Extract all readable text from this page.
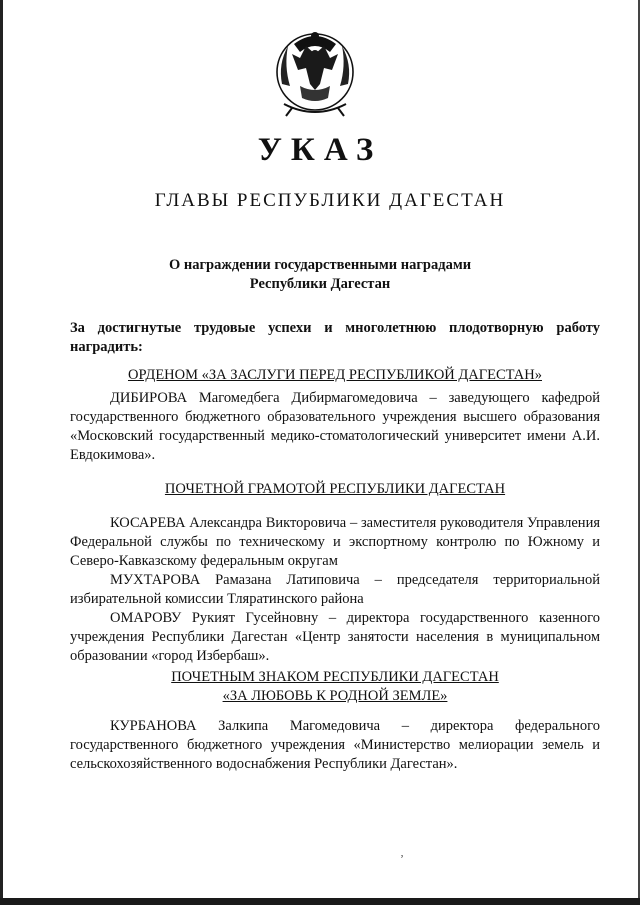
УКАЗ
ГЛАВЫ РЕСПУБЛИКИ ДАГЕСТАН
О награждении государственными наградами
Республики Дагестан
За достигнутые трудовые успехи и многолетнюю плодотворную работу наградить:
ОРДЕНОМ «ЗА ЗАСЛУГИ ПЕРЕД РЕСПУБЛИКОЙ ДАГЕСТАН»

ДИБИРОВА Магомедбега Дибирмагомедовича – заведующего кафедрой государственного бюджетного образовательного учреждения высшего образования «Московский государственный медико-стоматологический университет имени А.И. Евдокимова».

ПОЧЕТНОЙ ГРАМОТОЙ РЕСПУБЛИКИ ДАГЕСТАН

КОСАРЕВА Александра Викторовича – заместителя руководителя Управления Федеральной службы по техническому и экспортному контролю по Южному и Северо-Кавказскому федеральным округам

МУХТАРОВА Рамазана Латиповича – председателя территориальной избирательной комиссии Тляратинского района

ОМАРОВУ Рукият Гусейновну – директора государственного казенного учреждения Республики Дагестан «Центр занятости населения в муниципальном образовании «город Избербаш».

ПОЧЕТНЫМ ЗНАКОМ РЕСПУБЛИКИ ДАГЕСТАН
«ЗА ЛЮБОВЬ К РОДНОЙ ЗЕМЛЕ»

КУРБАНОВА Залкипа Магомедовича – директора федерального государственного бюджетного учреждения «Министерство мелиорации земель и сельскохозяйственного водоснабжения Республики Дагестан».

ʼ
